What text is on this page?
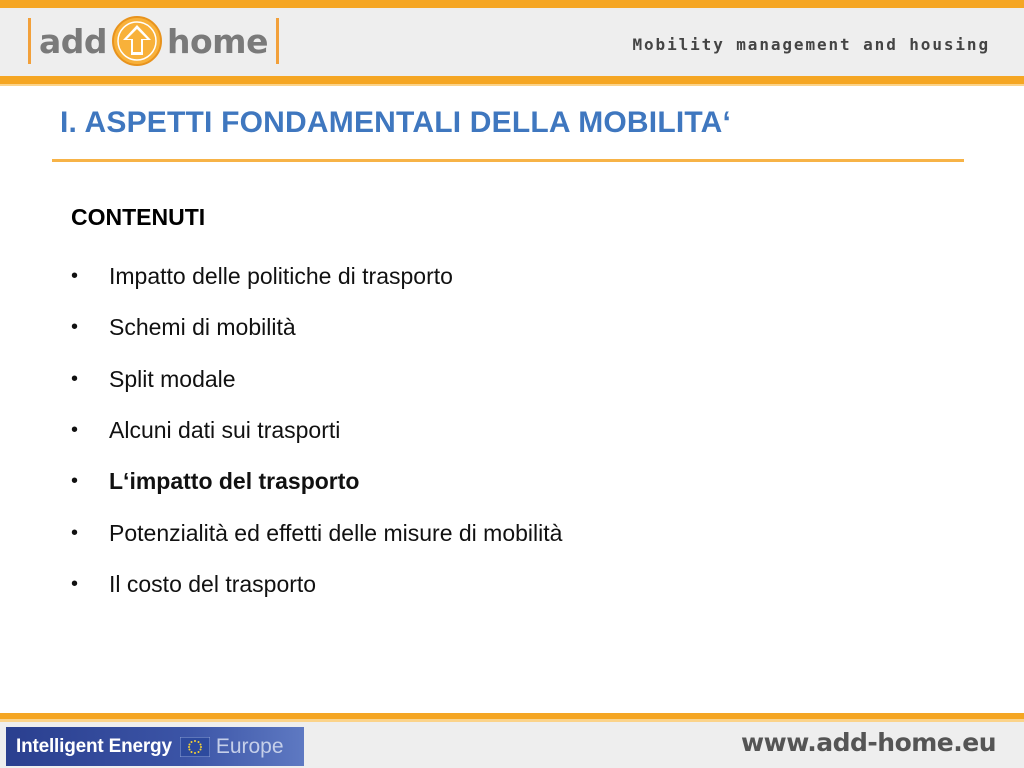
add home	Mobility management and housing
I. ASPETTI FONDAMENTALI DELLA MOBILITA‘
CONTENUTI
•	Impatto delle politiche di trasporto
•	Schemi di mobilità
•	Split modale
•	Alcuni dati sui trasporti
•	L‘impatto del trasporto
•	Potenzialità ed effetti delle misure di mobilità
•	Il costo del trasporto
Intelligent Energy Europe	www.add-home.eu
